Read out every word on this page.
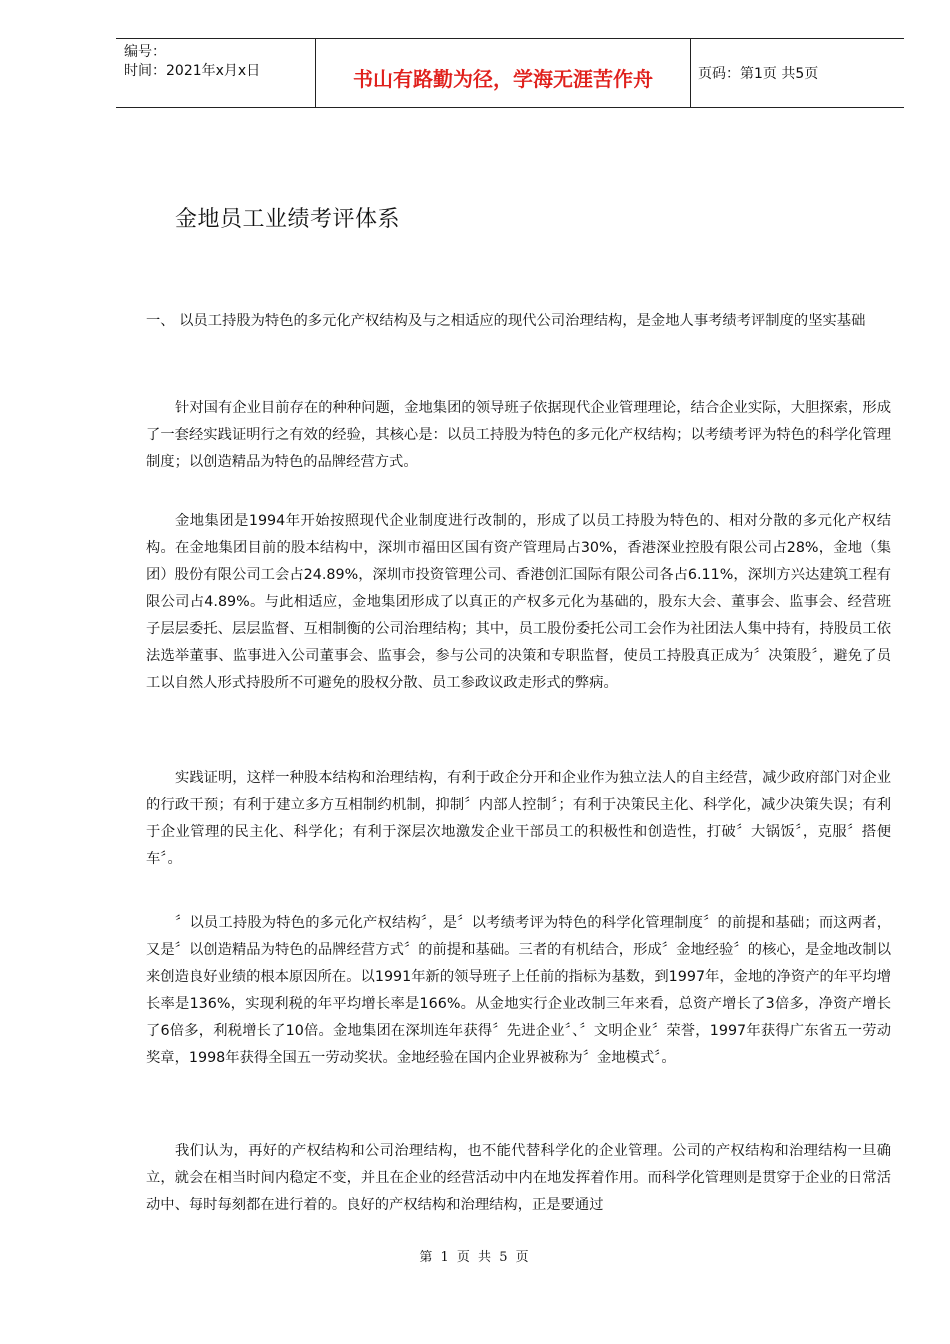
编号：
时间：2021年x月x日	书山有路勤为径，学海无涯苦作舟	页码：第1页 共5页
金地员工业绩考评体系

一、 以员工持股为特色的多元化产权结构及与之相适应的现代公司治理结构，是金地人事考绩考评制度的坚实基础

针对国有企业目前存在的种种问题，金地集团的领导班子依据现代企业管理理论，结合企业实际，大胆探索，形成了一套经实践证明行之有效的经验，其核心是：以员工持股为特色的多元化产权结构；以考绩考评为特色的科学化管理制度；以创造精品为特色的品牌经营方式。

金地集团是1994年开始按照现代企业制度进行改制的，形成了以员工持股为特色的、相对分散的多元化产权结构。在金地集团目前的股本结构中，深圳市福田区国有资产管理局占30%，香港深业控股有限公司占28%，金地（集团）股份有限公司工会占24.89%，深圳市投资管理公司、香港创汇国际有限公司各占6.11%，深圳方兴达建筑工程有限公司占4.89%。与此相适应，金地集团形成了以真正的产权多元化为基础的，股东大会、董事会、监事会、经营班子层层委托、层层监督、互相制衡的公司治理结构；其中，员工股份委托公司工会作为社团法人集中持有，持股员工依法选举董事、监事进入公司董事会、监事会，参与公司的决策和专职监督，使员工持股真正成为〞决策股〞，避免了员工以自然人形式持股所不可避免的股权分散、员工参政议政走形式的弊病。

实践证明，这样一种股本结构和治理结构，有利于政企分开和企业作为独立法人的自主经营，减少政府部门对企业的行政干预；有利于建立多方互相制约机制，抑制〞内部人控制〞；有利于决策民主化、科学化，减少决策失误；有利于企业管理的民主化、科学化；有利于深层次地激发企业干部员工的积极性和创造性，打破〞大锅饭〞，克服〞搭便车〞。

〞以员工持股为特色的多元化产权结构〞，是〞以考绩考评为特色的科学化管理制度〞的前提和基础；而这两者，又是〞以创造精品为特色的品牌经营方式〞的前提和基础。三者的有机结合，形成〞金地经验〞的核心，是金地改制以来创造良好业绩的根本原因所在。以1991年新的领导班子上任前的指标为基数，到1997年，金地的净资产的年平均增长率是136%，实现利税的年平均增长率是166%。从金地实行企业改制三年来看，总资产增长了3倍多，净资产增长了6倍多，利税增长了10倍。金地集团在深圳连年获得〞先进企业〞、〞文明企业〞荣誉，1997年获得广东省五一劳动奖章，1998年获得全国五一劳动奖状。金地经验在国内企业界被称为〞金地模式〞。

我们认为，再好的产权结构和公司治理结构，也不能代替科学化的企业管理。公司的产权结构和治理结构一旦确立，就会在相当时间内稳定不变，并且在企业的经营活动中内在地发挥着作用。而科学化管理则是贯穿于企业的日常活动中、每时每刻都在进行着的。良好的产权结构和治理结构，正是要通过

第 1 页 共 5 页
